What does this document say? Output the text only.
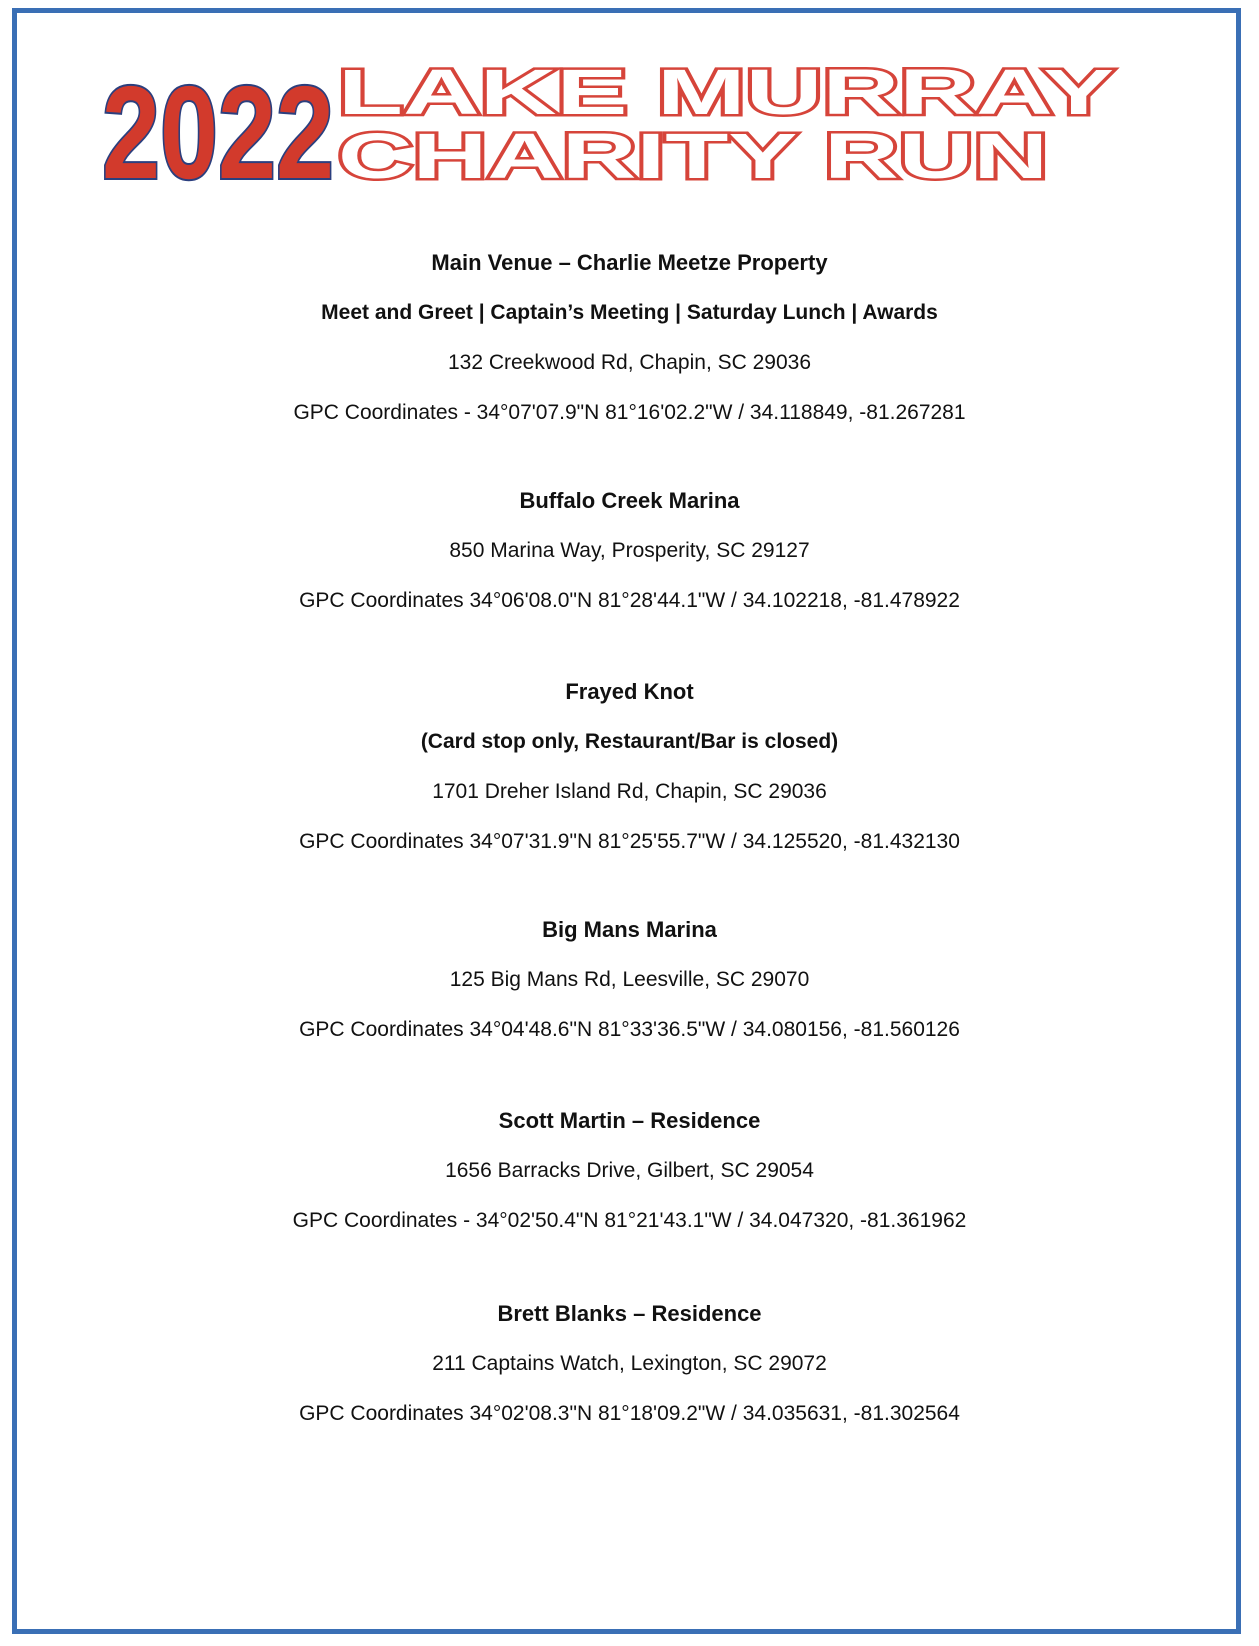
2022 LAKE MURRAY
CHARITY RUN
Main Venue – Charlie Meetze Property
Meet and Greet | Captain’s Meeting | Saturday Lunch | Awards
132 Creekwood Rd, Chapin, SC 29036
GPC Coordinates - 34°07'07.9"N 81°16'02.2"W / 34.118849, -81.267281
Buffalo Creek Marina
850 Marina Way, Prosperity, SC 29127
GPC Coordinates 34°06'08.0"N 81°28'44.1"W / 34.102218, -81.478922
Frayed Knot
(Card stop only, Restaurant/Bar is closed)
1701 Dreher Island Rd, Chapin, SC 29036
GPC Coordinates 34°07'31.9"N 81°25'55.7"W / 34.125520, -81.432130
Big Mans Marina
125 Big Mans Rd, Leesville, SC 29070
GPC Coordinates 34°04'48.6"N 81°33'36.5"W / 34.080156, -81.560126
Scott Martin – Residence
1656 Barracks Drive, Gilbert, SC 29054
GPC Coordinates - 34°02'50.4"N 81°21'43.1"W / 34.047320, -81.361962
Brett Blanks – Residence
211 Captains Watch, Lexington, SC 29072
GPC Coordinates 34°02'08.3"N 81°18'09.2"W / 34.035631, -81.302564
